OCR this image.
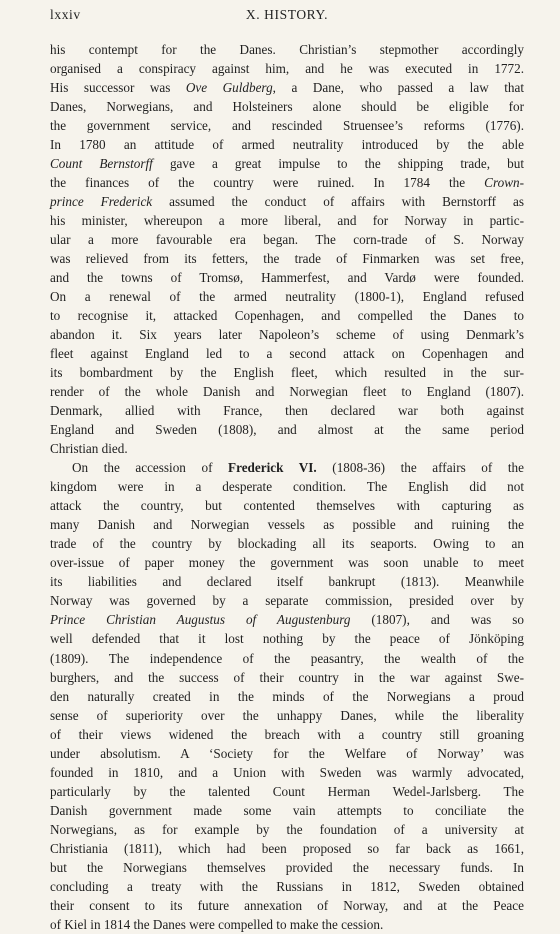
lxxiv	X. HISTORY.
his contempt for the Danes. Christian’s stepmother accordingly
organised a conspiracy against him, and he was executed in 1772.
His successor was Ove Guldberg, a Dane, who passed a law that
Danes, Norwegians, and Holsteiners alone should be eligible for
the government service, and rescinded Struensee’s reforms (1776).
In 1780 an attitude of armed neutrality introduced by the able
Count Bernstorff gave a great impulse to the shipping trade, but
the finances of the country were ruined. In 1784 the Crown-
prince Frederick assumed the conduct of affairs with Bernstorff as
his minister, whereupon a more liberal, and for Norway in partic-
ular a more favourable era began. The corn-trade of S. Norway
was relieved from its fetters, the trade of Finmarken was set free,
and the towns of Tromsø, Hammerfest, and Vardø were founded.
On a renewal of the armed neutrality (1800-1), England refused
to recognise it, attacked Copenhagen, and compelled the Danes to
abandon it. Six years later Napoleon’s scheme of using Denmark’s
fleet against England led to a second attack on Copenhagen and
its bombardment by the English fleet, which resulted in the sur-
render of the whole Danish and Norwegian fleet to England (1807).
Denmark, allied with France, then declared war both against
England and Sweden (1808), and almost at the same period
Christian died.
On the accession of Frederick VI. (1808-36) the affairs of the
kingdom were in a desperate condition. The English did not
attack the country, but contented themselves with capturing as
many Danish and Norwegian vessels as possible and ruining the
trade of the country by blockading all its seaports. Owing to an
over-issue of paper money the government was soon unable to meet
its liabilities and declared itself bankrupt (1813). Meanwhile
Norway was governed by a separate commission, presided over by
Prince Christian Augustus of Augustenburg (1807), and was so
well defended that it lost nothing by the peace of Jönköping
(1809). The independence of the peasantry, the wealth of the
burghers, and the success of their country in the war against Swe-
den naturally created in the minds of the Norwegians a proud
sense of superiority over the unhappy Danes, while the liberality
of their views widened the breach with a country still groaning
under absolutism. A ‘Society for the Welfare of Norway’ was
founded in 1810, and a Union with Sweden was warmly advocated,
particularly by the talented Count Herman Wedel-Jarlsberg. The
Danish government made some vain attempts to conciliate the
Norwegians, as for example by the foundation of a university at
Christiania (1811), which had been proposed so far back as 1661,
but the Norwegians themselves provided the necessary funds. In
concluding a treaty with the Russians in 1812, Sweden obtained
their consent to its future annexation of Norway, and at the Peace
of Kiel in 1814 the Danes were compelled to make the cession.
